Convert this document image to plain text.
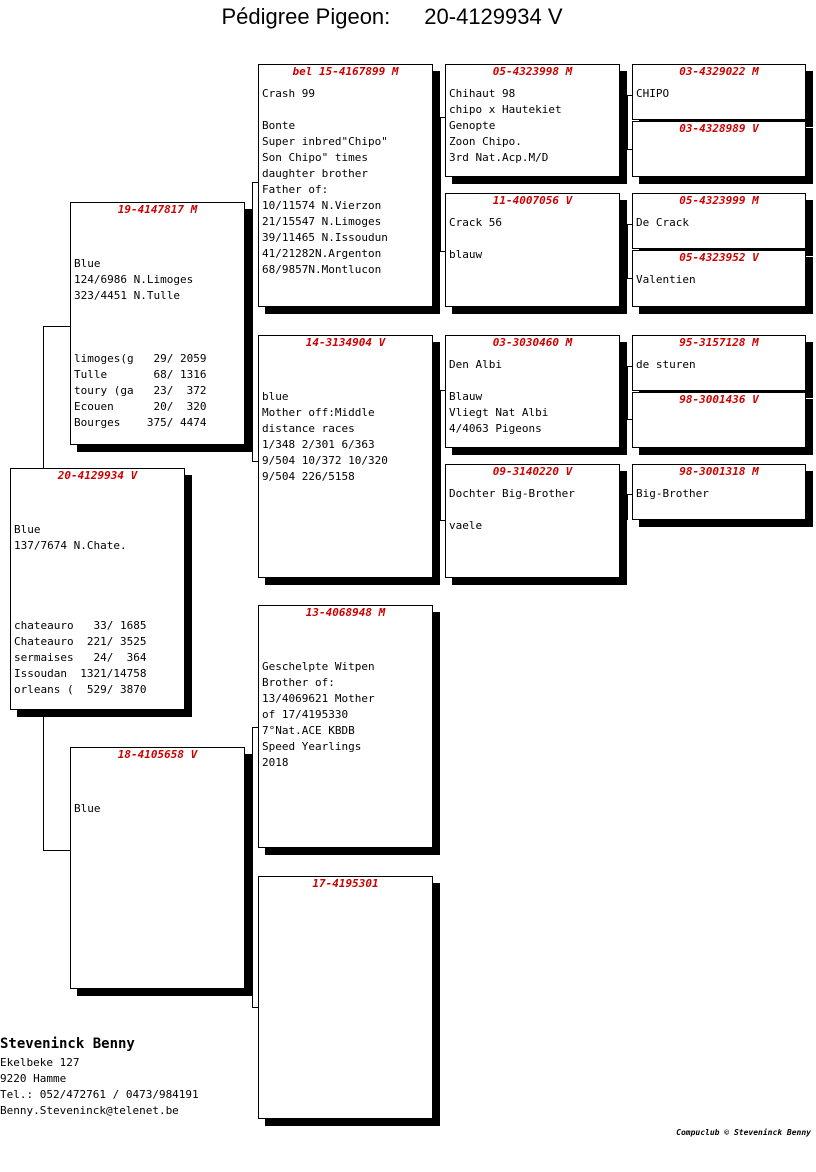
Pédigree Pigeon: 20-4129934 V
20-4129934 V
Blue
137/7674 N.Chate.
chateauro   33/ 1685
Chateauro  221/ 3525
sermaises   24/  364
Issoudan  1321/14758
orleans (  529/ 3870
19-4147817 M
Blue
124/6986 N.Limoges
323/4451 N.Tulle
limoges(g   29/ 2059
Tulle       68/ 1316
toury (ga   23/  372
Ecouen      20/  320
Bourges    375/ 4474
18-4105658 V
Blue
bel 15-4167899 M
Crash 99

Bonte
Super inbred"Chipo"
Son Chipo" times
daughter brother
Father of:
10/11574 N.Vierzon
21/15547 N.Limoges
39/11465 N.Issoudun
41/21282N.Argenton
68/9857N.Montlucon
14-3134904 V
blue
Mother off:Middle
distance races
1/348 2/301 6/363
9/504 10/372 10/320
9/504 226/5158
13-4068948 M
Geschelpte Witpen
Brother of:
13/4069621 Mother
of 17/4195330
7°Nat.ACE KBDB
Speed Yearlings
2018
17-4195301
05-4323998 M
Chihaut 98
chipo x Hautekiet
Genopte
Zoon Chipo.
3rd Nat.Acp.M/D
11-4007056 V
Crack 56

blauw
03-3030460 M
Den Albi

Blauw
Vliegt Nat Albi
4/4063 Pigeons
09-3140220 V
Dochter Big-Brother

vaele
03-4329022 M
CHIPO
03-4328989 V
05-4323999 M
De Crack
05-4323952 V
Valentien
95-3157128 M
de sturen
98-3001436 V
98-3001318 M
Big-Brother
Steveninck Benny
Ekelbeke 127
9220 Hamme
Tel.: 052/472761 / 0473/984191
Benny.Steveninck@telenet.be
Compuclub © Steveninck Benny
